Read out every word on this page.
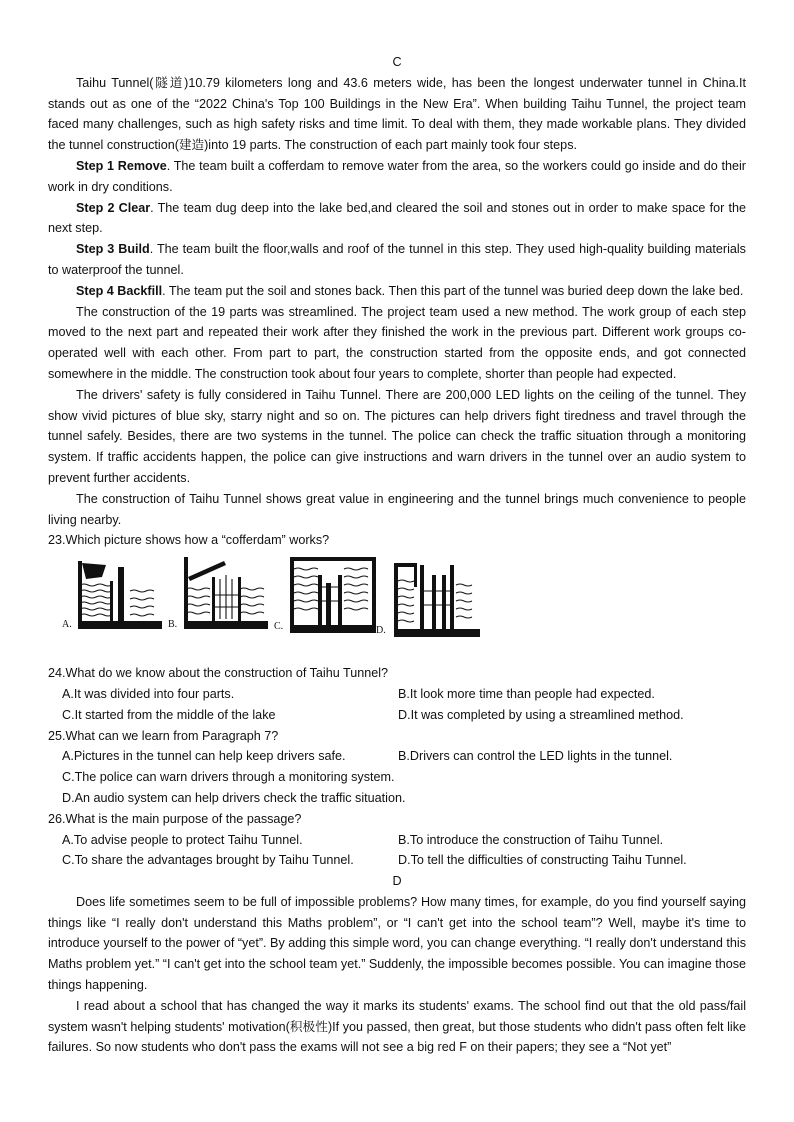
C

Taihu Tunnel(隧道)10.79 kilometers long and 43.6 meters wide, has been the longest underwater tunnel in China.It stands out as one of the “2022 China's Top 100 Buildings in the New Era”. When building Taihu Tunnel, the project team faced many challenges, such as high safety risks and time limit. To deal with them, they made workable plans. They divided the tunnel construction(建造)into 19 parts. The construction of each part mainly took four steps.

Step 1 Remove. The team built a cofferdam to remove water from the area, so the workers could go inside and do their work in dry conditions.

Step 2 Clear. The team dug deep into the lake bed,and cleared the soil and stones out in order to make space for the next step.

Step 3 Build. The team built the floor,walls and roof of the tunnel in this step. They used high-quality building materials to waterproof the tunnel.

Step 4 Backfill. The team put the soil and stones back. Then this part of the tunnel was buried deep down the lake bed.

The construction of the 19 parts was streamlined. The project team used a new method. The work group of each step moved to the next part and repeated their work after they finished the work in the previous part. Different work groups co-operated well with each other. From part to part, the construction started from the opposite ends, and got connected somewhere in the middle. The construction took about four years to complete, shorter than people had expected.

The drivers' safety is fully considered in Taihu Tunnel. There are 200,000 LED lights on the ceiling of the tunnel. They show vivid pictures of blue sky, starry night and so on. The pictures can help drivers fight tiredness and travel through the tunnel safely. Besides, there are two systems in the tunnel. The police can check the traffic situation through a monitoring system. If traffic accidents happen, the police can give instructions and warn drivers in the tunnel over an audio system to prevent further accidents.

The construction of Taihu Tunnel shows great value in engineering and the tunnel brings much convenience to people living nearby.

23.Which picture shows how a “cofferdam” works?
A.	B.	C.	D.
24.What do we know about the construction of Taihu Tunnel?
A.It was divided into four parts.	B.It look more time than people had expected.
C.It started from the middle of the lake	D.It was completed by using a streamlined method.
25.What can we learn from Paragraph 7?
A.Pictures in the tunnel can help keep drivers safe.	B.Drivers can control the LED lights in the tunnel.
C.The police can warn drivers through a monitoring system.
D.An audio system can help drivers check the traffic situation.
26.What is the main purpose of the passage?
A.To advise people to protect Taihu Tunnel.	B.To introduce the construction of Taihu Tunnel.
C.To share the advantages brought by Taihu Tunnel.	D.To tell the difficulties of constructing Taihu Tunnel.
D

Does life sometimes seem to be full of impossible problems? How many times, for example, do you find yourself saying things like “I really don't understand this Maths problem”, or “I can't get into the school team”? Well, maybe it's time to introduce yourself to the power of “yet”. By adding this simple word, you can change everything. “I really don't understand this Maths problem yet.” “I can't get into the school team yet.” Suddenly, the impossible becomes possible. You can imagine those things happening.

I read about a school that has changed the way it marks its students' exams. The school find out that the old pass/fail system wasn't helping students' motivation(积极性)If you passed, then great, but those students who didn't pass often felt like failures. So now students who don't pass the exams will not see a big red F on their papers; they see a “Not yet”
